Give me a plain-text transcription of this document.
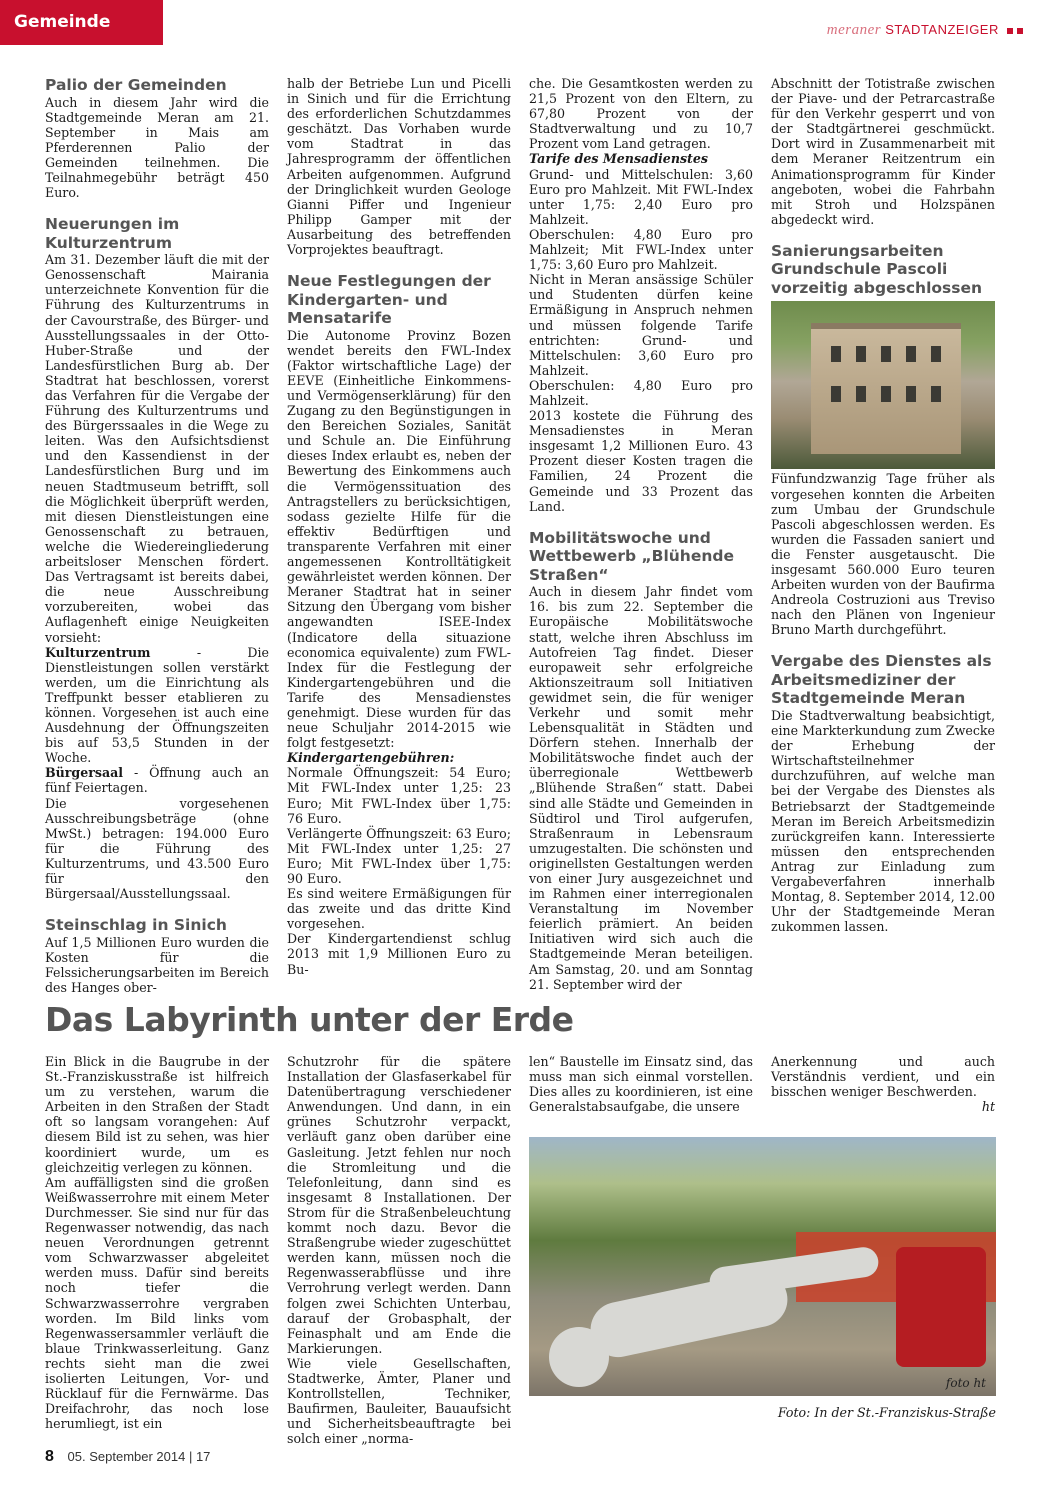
Gemeinde	meraner STADTANZEIGER
Palio der Gemeinden

Auch in diesem Jahr wird die Stadtgemeinde Meran am 21. September in Mais am Pferderennen Palio der Gemeinden teilnehmen. Die Teilnahmegebühr beträgt 450 Euro.

Neuerungen im Kulturzentrum

Am 31. Dezember läuft die mit der Genossenschaft Mairania unterzeichnete Konvention für die Führung des Kulturzentrums in der Cavourstraße, des Bürger- und Ausstellungssaales in der Otto-Huber-Straße und der Landesfürstlichen Burg ab. Der Stadtrat hat beschlossen, vorerst das Verfahren für die Vergabe der Führung des Kulturzentrums und des Bürgerssaales in die Wege zu leiten. Was den Aufsichtsdienst und den Kassendienst in der Landesfürstlichen Burg und im neuen Stadtmuseum betrifft, soll die Möglichkeit überprüft werden, mit diesen Dienstleistungen eine Genossenschaft zu betrauen, welche die Wiedereingliederung arbeitsloser Menschen fördert. Das Vertragsamt ist bereits dabei, die neue Ausschreibung vorzubereiten, wobei das Auflagenheft einige Neuigkeiten vorsieht:

Kulturzentrum - Die Dienstleistungen sollen verstärkt werden, um die Einrichtung als Treffpunkt besser etablieren zu können. Vorgesehen ist auch eine Ausdehnung der Öffnungszeiten bis auf 53,5 Stunden in der Woche.

Bürgersaal - Öffnung auch an fünf Feiertagen.

Die vorgesehenen Ausschreibungsbeträge (ohne MwSt.) betragen: 194.000 Euro für die Führung des Kulturzentrums, und 43.500 Euro für den Bürgersaal/Ausstellungssaal.

Steinschlag in Sinich

Auf 1,5 Millionen Euro wurden die Kosten für die Felssicherungsarbeiten im Bereich des Hanges ober-

halb der Betriebe Lun und Picelli in Sinich und für die Errichtung des erforderlichen Schutzdammes geschätzt. Das Vorhaben wurde vom Stadtrat in das Jahresprogramm der öffentlichen Arbeiten aufgenommen. Aufgrund der Dringlichkeit wurden Geologe Gianni Piffer und Ingenieur Philipp Gamper mit der Ausarbeitung des betreffenden Vorprojektes beauftragt.

Neue Festlegungen der Kindergarten- und Mensatarife

Die Autonome Provinz Bozen wendet bereits den FWL-Index (Faktor wirtschaftliche Lage) der EEVE (Einheitliche Einkommens- und Vermögenserklärung) für den Zugang zu den Begünstigungen in den Bereichen Soziales, Sanität und Schule an. Die Einführung dieses Index erlaubt es, neben der Bewertung des Einkommens auch die Vermögenssituation des Antragstellers zu berücksichtigen, sodass gezielte Hilfe für die effektiv Bedürftigen und transparente Verfahren mit einer angemessenen Kontrolltätigkeit gewährleistet werden können. Der Meraner Stadtrat hat in seiner Sitzung den Übergang vom bisher angewandten ISEE-Index (Indicatore della situazione economica equivalente) zum FWL-Index für die Festlegung der Kindergartengebühren und die Tarife des Mensadienstes genehmigt. Diese wurden für das neue Schuljahr 2014-2015 wie folgt festgesetzt:

Kindergartengebühren:

Normale Öffnungszeit: 54 Euro; Mit FWL-Index unter 1,25: 23 Euro; Mit FWL-Index über 1,75: 76 Euro.

Verlängerte Öffnungszeit: 63 Euro; Mit FWL-Index unter 1,25: 27 Euro; Mit FWL-Index über 1,75: 90 Euro.

Es sind weitere Ermäßigungen für das zweite und das dritte Kind vorgesehen.

Der Kindergartendienst schlug 2013 mit 1,9 Millionen Euro zu Bu-

che. Die Gesamtkosten werden zu 21,5 Prozent von den Eltern, zu 67,80 Prozent von der Stadtverwaltung und zu 10,7 Prozent vom Land getragen.

Tarife des Mensadienstes

Grund- und Mittelschulen: 3,60 Euro pro Mahlzeit. Mit FWL-Index unter 1,75: 2,40 Euro pro Mahlzeit.

Oberschulen: 4,80 Euro pro Mahlzeit; Mit FWL-Index unter 1,75: 3,60 Euro pro Mahlzeit.

Nicht in Meran ansässige Schüler und Studenten dürfen keine Ermäßigung in Anspruch nehmen und müssen folgende Tarife entrichten: Grund- und Mittelschulen: 3,60 Euro pro Mahlzeit.

Oberschulen: 4,80 Euro pro Mahlzeit.

2013 kostete die Führung des Mensadienstes in Meran insgesamt 1,2 Millionen Euro. 43 Prozent dieser Kosten tragen die Familien, 24 Prozent die Gemeinde und 33 Prozent das Land.

Mobilitätswoche und Wettbewerb „Blühende Straßen“

Auch in diesem Jahr findet vom 16. bis zum 22. September die Europäische Mobilitätswoche statt, welche ihren Abschluss im Autofreien Tag findet. Dieser europaweit sehr erfolgreiche Aktionszeitraum soll Initiativen gewidmet sein, die für weniger Verkehr und somit mehr Lebensqualität in Städten und Dörfern stehen. Innerhalb der Mobilitätswoche findet auch der überregionale Wettbewerb „Blühende Straßen“ statt. Dabei sind alle Städte und Gemeinden in Südtirol und Tirol aufgerufen, Straßenraum in Lebensraum umzugestalten. Die schönsten und originellsten Gestaltungen werden von einer Jury ausgezeichnet und im Rahmen einer interregionalen Veranstaltung im November feierlich prämiert. An beiden Initiativen wird sich auch die Stadtgemeinde Meran beteiligen. Am Samstag, 20. und am Sonntag 21. September wird der

Abschnitt der Totistraße zwischen der Piave- und der Petrarcastraße für den Verkehr gesperrt und von der Stadtgärtnerei geschmückt. Dort wird in Zusammenarbeit mit dem Meraner Reitzentrum ein Animationsprogramm für Kinder angeboten, wobei die Fahrbahn mit Stroh und Holzspänen abgedeckt wird.

Sanierungsarbeiten Grundschule Pascoli vorzeitig abgeschlossen

Fünfundzwanzig Tage früher als vorgesehen konnten die Arbeiten zum Umbau der Grundschule Pascoli abgeschlossen werden. Es wurden die Fassaden saniert und die Fenster ausgetauscht. Die insgesamt 560.000 Euro teuren Arbeiten wurden von der Baufirma Andreola Costruzioni aus Treviso nach den Plänen von Ingenieur Bruno Marth durchgeführt.

Vergabe des Dienstes als Arbeitsmediziner der Stadtgemeinde Meran

Die Stadtverwaltung beabsichtigt, eine Markterkundung zum Zwecke der Erhebung der Wirtschaftsteilnehmer durchzuführen, auf welche man bei der Vergabe des Dienstes als Betriebsarzt der Stadtgemeinde Meran im Bereich Arbeitsmedizin zurückgreifen kann. Interessierte müssen den entsprechenden Antrag zur Einladung zum Vergabeverfahren innerhalb Montag, 8. September 2014, 12.00 Uhr der Stadtgemeinde Meran zukommen lassen.

Das Labyrinth unter der Erde

Ein Blick in die Baugrube in der St.-Franziskusstraße ist hilfreich um zu verstehen, warum die Arbeiten in den Straßen der Stadt oft so langsam vorangehen: Auf diesem Bild ist zu sehen, was hier koordiniert wurde, um es gleichzeitig verlegen zu können.

Am auffälligsten sind die großen Weißwasserrohre mit einem Meter Durchmesser. Sie sind nur für das Regenwasser notwendig, das nach neuen Verordnungen getrennt vom Schwarzwasser abgeleitet werden muss. Dafür sind bereits noch tiefer die Schwarzwasserrohre vergraben worden. Im Bild links vom Regenwassersammler verläuft die blaue Trinkwasserleitung. Ganz rechts sieht man die zwei isolierten Leitungen, Vor- und Rücklauf für die Fernwärme. Das Dreifachrohr, das noch lose herumliegt, ist ein

Schutzrohr für die spätere Installation der Glasfaserkabel für Datenübertragung verschiedener Anwendungen. Und dann, in ein grünes Schutzrohr verpackt, verläuft ganz oben darüber eine Gasleitung. Jetzt fehlen nur noch die Stromleitung und die Telefonleitung, dann sind es insgesamt 8 Installationen. Der Strom für die Straßenbeleuchtung kommt noch dazu. Bevor die Straßengrube wieder zugeschüttet werden kann, müssen noch die Regenwasserabflüsse und ihre Verrohrung verlegt werden. Dann folgen zwei Schichten Unterbau, darauf der Grobasphalt, der Feinasphalt und am Ende die Markierungen.

Wie viele Gesellschaften, Stadtwerke, Ämter, Planer und Kontrollstellen, Techniker, Baufirmen, Bauleiter, Bauaufsicht und Sicherheitsbeauftragte bei solch einer „norma-

len“ Baustelle im Einsatz sind, das muss man sich einmal vorstellen. Dies alles zu koordinieren, ist eine Generalstabsaufgabe, die unsere

Anerkennung und auch Verständnis verdient, und ein bisschen weniger Beschwerden.

ht

foto ht
Foto: In der St.-Franziskus-Straße
8 05. September 2014 | 17
